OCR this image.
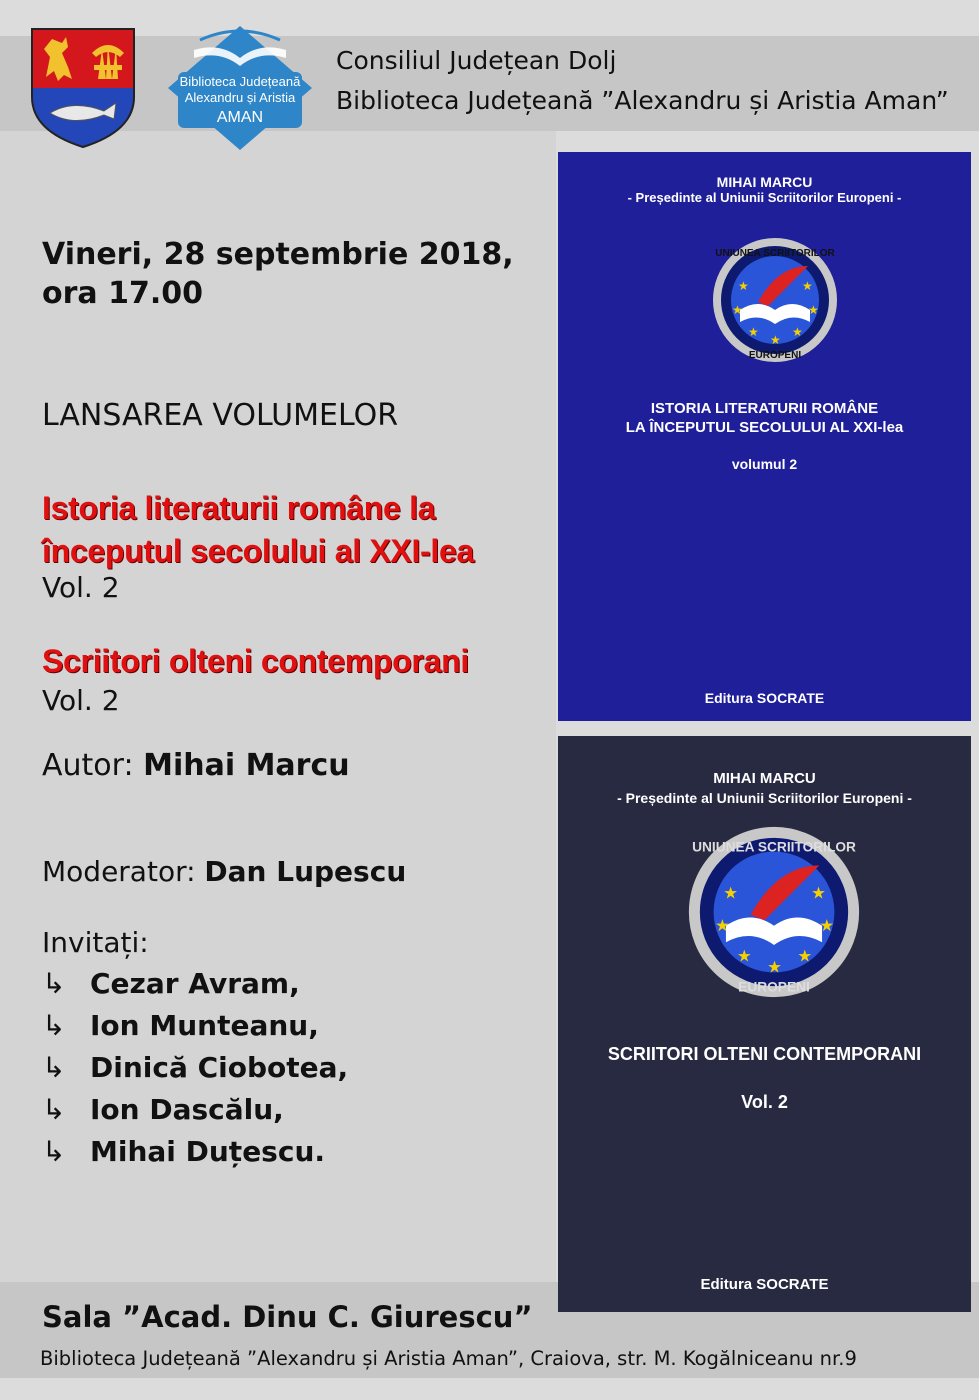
Biblioteca Județeană
Alexandru și Aristia
AMAN
Consiliul Județean Dolj
Biblioteca Județeană ”Alexandru și Aristia Aman”
Vineri, 28 septembrie 2018,
ora 17.00
LANSAREA VOLUMELOR
Istoria literaturii române la
începutul secolului al XXI-lea
Vol. 2
Scriitori olteni contemporani
Vol. 2
Autor: Mihai Marcu
Moderator: Dan Lupescu
Invitați:
↳ Cezar Avram,
↳ Ion Munteanu,
↳ Dinică Ciobotea,
↳ Ion Dascălu,
↳ Mihai Duțescu.
MIHAI MARCU
- Președinte al Uniunii Scriitorilor Europeni -
★	★
★	★
★	★
★
UNIUNEA SCRIITORILOR
EUROPENI
ISTORIA LITERATURII ROMÂNE
LA ÎNCEPUTUL SECOLULUI AL XXI-lea
volumul 2
Editura SOCRATE
MIHAI MARCU
- Președinte al Uniunii Scriitorilor Europeni -
★	★
★	★
★	★
★
UNIUNEA SCRIITORILOR
EUROPENI
SCRIITORI OLTENI CONTEMPORANI
Vol. 2
Editura SOCRATE
Sala ”Acad. Dinu C. Giurescu”
Biblioteca Județeană ”Alexandru și Aristia Aman”, Craiova, str. M. Kogălniceanu nr.9
